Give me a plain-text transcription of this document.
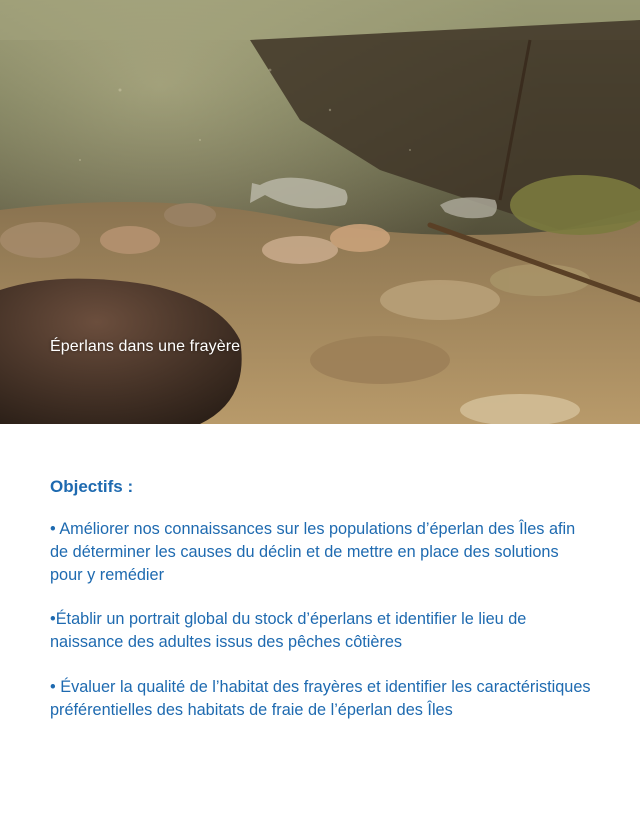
Éperlans dans une frayère
Objectifs :
• Améliorer nos connaissances sur les populations d’éperlan des Îles afin de déterminer les causes du déclin et de mettre en place des solutions pour y remédier
•Établir un portrait global du stock d’éperlans et identifier le lieu de naissance des adultes issus des pêches côtières
• Évaluer la qualité de l’habitat des frayères et identifier les caractéristiques préférentielles des habitats de fraie de l’éperlan des Îles
